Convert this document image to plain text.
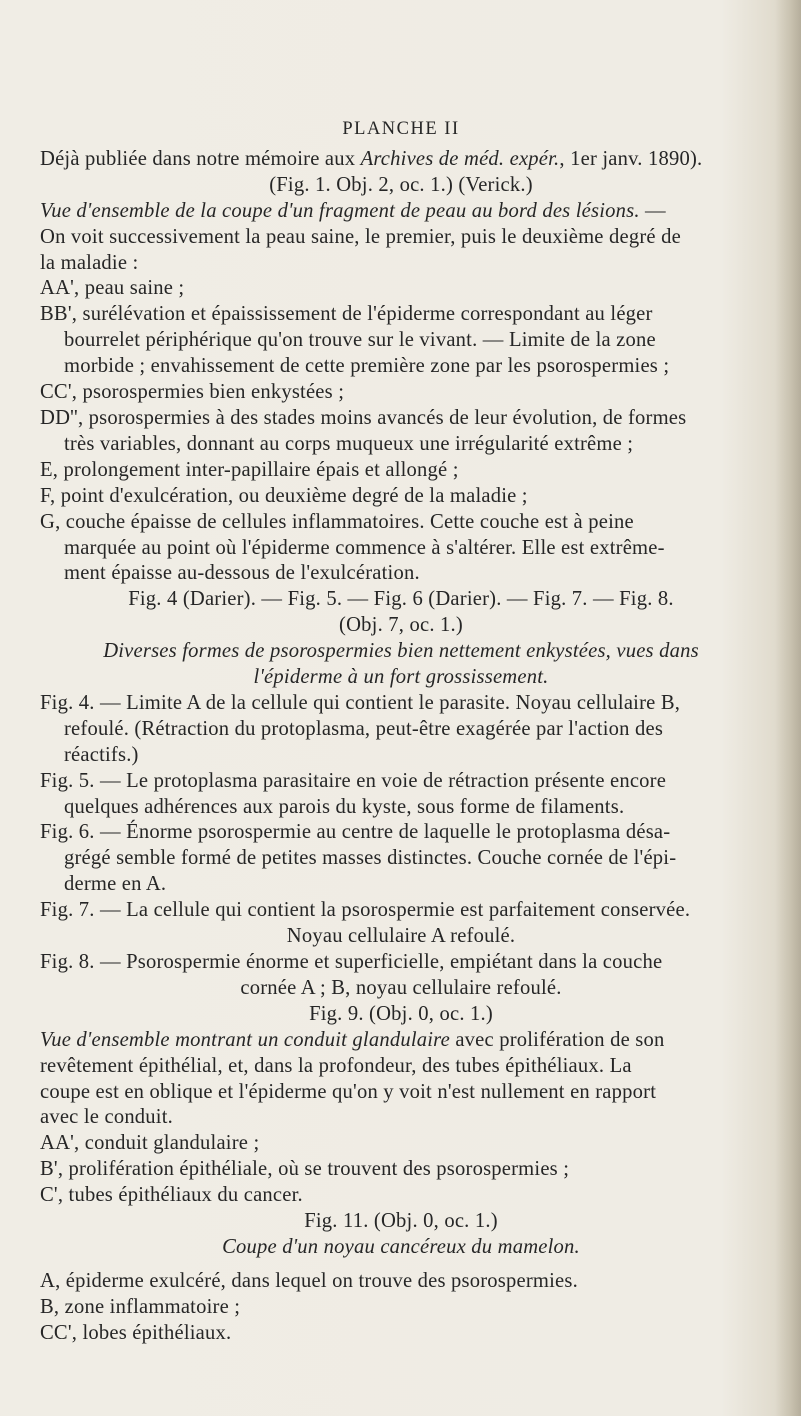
PLANCHE II
Déjà publiée dans notre mémoire aux Archives de méd. expér., 1er janv. 1890).
(Fig. 1. Obj. 2, oc. 1.) (Verick.)
Vue d'ensemble de la coupe d'un fragment de peau au bord des lésions. —
On voit successivement la peau saine, le premier, puis le deuxième degré de
la maladie :
AA', peau saine ;
BB', surélévation et épaississement de l'épiderme correspondant au léger
bourrelet périphérique qu'on trouve sur le vivant. — Limite de la zone
morbide ; envahissement de cette première zone par les psorospermies ;
CC', psorospermies bien enkystées ;
DD'', psorospermies à des stades moins avancés de leur évolution, de formes
très variables, donnant au corps muqueux une irrégularité extrême ;
E, prolongement inter-papillaire épais et allongé ;
F, point d'exulcération, ou deuxième degré de la maladie ;
G, couche épaisse de cellules inflammatoires. Cette couche est à peine
marquée au point où l'épiderme commence à s'altérer. Elle est extrême-
ment épaisse au-dessous de l'exulcération.
Fig. 4 (Darier). — Fig. 5. — Fig. 6 (Darier). — Fig. 7. — Fig. 8.
(Obj. 7, oc. 1.)
Diverses formes de psorospermies bien nettement enkystées, vues dans
l'épiderme à un fort grossissement.
Fig. 4. — Limite A de la cellule qui contient le parasite. Noyau cellulaire B,
refoulé. (Rétraction du protoplasma, peut-être exagérée par l'action des
réactifs.)
Fig. 5. — Le protoplasma parasitaire en voie de rétraction présente encore
quelques adhérences aux parois du kyste, sous forme de filaments.
Fig. 6. — Énorme psorospermie au centre de laquelle le protoplasma désa-
grégé semble formé de petites masses distinctes. Couche cornée de l'épi-
derme en A.
Fig. 7. — La cellule qui contient la psorospermie est parfaitement conservée.
Noyau cellulaire A refoulé.
Fig. 8. — Psorospermie énorme et superficielle, empiétant dans la couche
cornée A ; B, noyau cellulaire refoulé.
Fig. 9. (Obj. 0, oc. 1.)
Vue d'ensemble montrant un conduit glandulaire avec prolifération de son
revêtement épithélial, et, dans la profondeur, des tubes épithéliaux. La
coupe est en oblique et l'épiderme qu'on y voit n'est nullement en rapport
avec le conduit.
AA', conduit glandulaire ;
B', prolifération épithéliale, où se trouvent des psorospermies ;
C', tubes épithéliaux du cancer.
Fig. 11. (Obj. 0, oc. 1.)
Coupe d'un noyau cancéreux du mamelon.
A, épiderme exulcéré, dans lequel on trouve des psorospermies.
B, zone inflammatoire ;
CC', lobes épithéliaux.
